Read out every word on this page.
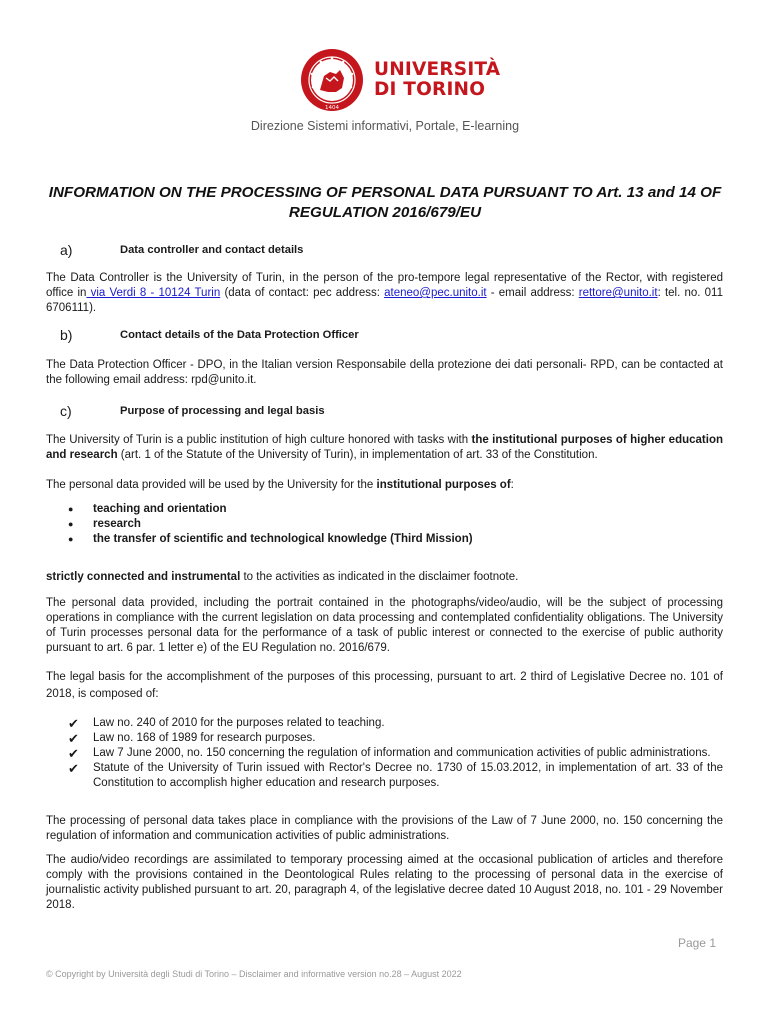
1404
UNIVERSITÀ
DI TORINO
Direzione Sistemi informativi, Portale, E-learning
INFORMATION ON THE PROCESSING OF PERSONAL DATA PURSUANT TO Art. 13 and 14 OF REGULATION 2016/679/EU
a)	Data controller and contact details
The Data Controller is the University of Turin, in the person of the pro-tempore legal representative of the Rector, with registered office in via Verdi 8 - 10124 Turin (data of contact: pec address: ateneo@pec.unito.it - email address: rettore@unito.it: tel. no. 011 6706111).
b)	Contact details of the Data Protection Officer
The Data Protection Officer - DPO, in the Italian version Responsabile della protezione dei dati personali- RPD, can be contacted at the following email address: rpd@unito.it.
c)	Purpose of processing and legal basis
The University of Turin is a public institution of high culture honored with tasks with the institutional purposes of higher education and research (art. 1 of the Statute of the University of Turin), in implementation of art. 33 of the Constitution.
The personal data provided will be used by the University for the institutional purposes of:
● teaching and orientation
● research
● the transfer of scientific and technological knowledge (Third Mission)
strictly connected and instrumental to the activities as indicated in the disclaimer footnote.
The personal data provided, including the portrait contained in the photographs/video/audio, will be the subject of processing operations in compliance with the current legislation on data processing and contemplated confidentiality obligations. The University of Turin processes personal data for the performance of a task of public interest or connected to the exercise of public authority pursuant to art. 6 par. 1 letter e) of the EU Regulation no. 2016/679.
The legal basis for the accomplishment of the purposes of this processing, pursuant to art. 2 third of Legislative Decree no. 101 of 2018, is composed of:
✔ Law no. 240 of 2010 for the purposes related to teaching.
✔ Law no. 168 of 1989 for research purposes.
✔ Law 7 June 2000, no. 150 concerning the regulation of information and communication activities of public administrations.
✔ Statute of the University of Turin issued with Rector's Decree no. 1730 of 15.03.2012, in implementation of art. 33 of the Constitution to accomplish higher education and research purposes.
The processing of personal data takes place in compliance with the provisions of the Law of 7 June 2000, no. 150 concerning the regulation of information and communication activities of public administrations.
The audio/video recordings are assimilated to temporary processing aimed at the occasional publication of articles and therefore comply with the provisions contained in the Deontological Rules relating to the processing of personal data in the exercise of journalistic activity published pursuant to art. 20, paragraph 4, of the legislative decree dated 10 August 2018, no. 101 - 29 November 2018.
Page 1
© Copyright by Università degli Studi di Torino – Disclaimer and informative version no.28 – August 2022
